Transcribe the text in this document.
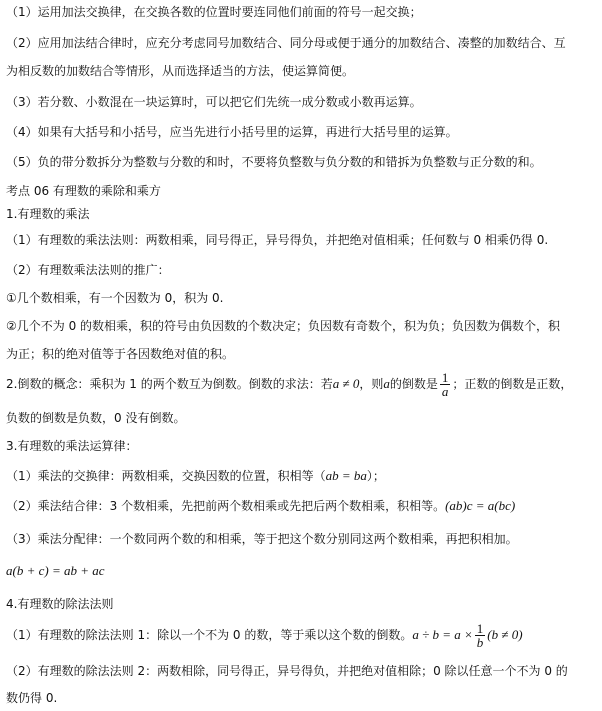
（1）运用加法交换律，在交换各数的位置时要连同他们前面的符号一起交换；
（2）应用加法结合律时，应充分考虑同号加数结合、同分母或便于通分的加数结合、凑整的加数结合、互
为相反数的加数结合等情形，从而选择适当的方法，使运算简便。
（3）若分数、小数混在一块运算时，可以把它们先统一成分数或小数再运算。
（4）如果有大括号和小括号，应当先进行小括号里的运算，再进行大括号里的运算。
（5）负的带分数拆分为整数与分数的和时，不要将负整数与负分数的和错拆为负整数与正分数的和。
考点 06 有理数的乘除和乘方
1.有理数的乘法
（1）有理数的乘法法则：两数相乘，同号得正，异号得负，并把绝对值相乘；任何数与 0 相乘仍得 0.
（2）有理数乘法法则的推广：
①几个数相乘，有一个因数为 0，积为 0.
②几个不为 0 的数相乘，积的符号由负因数的个数决定；负因数有奇数个，积为负；负因数为偶数个，积
为正；积的绝对值等于各因数绝对值的积。
2.倒数的概念：乘积为 1 的两个数互为倒数。倒数的求法：若a ≠ 0，则a的倒数是 $\frac{1}{a}$ ；正数的倒数是正数，
负数的倒数是负数，0 没有倒数。
3.有理数的乘法运算律：
（1）乘法的交换律：两数相乘，交换因数的位置，积相等（ab = ba）；
（2）乘法结合律：3 个数相乘，先把前两个数相乘或先把后两个数相乘，积相等。(ab)c = a(bc)
（3）乘法分配律：一个数同两个数的和相乘，等于把这个数分别同这两个数相乘，再把积相加。
a(b + c) = ab + ac
4.有理数的除法法则
（1）有理数的除法法则 1：除以一个不为 0 的数，等于乘以这个数的倒数。$a \div b = a \times \frac{1}{b} (b \ne 0)$
（2）有理数的除法法则 2：两数相除，同号得正，异号得负，并把绝对值相除；0 除以任意一个不为 0 的
数仍得 0.
